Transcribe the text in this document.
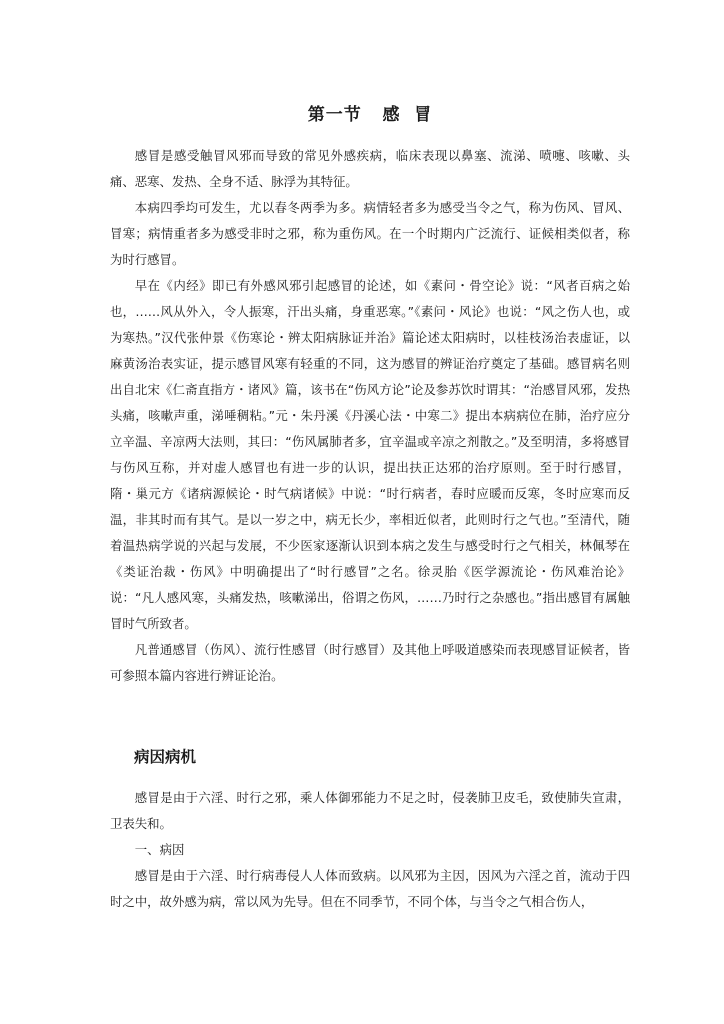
第一节   感  冒

感冒是感受触冒风邪而导致的常见外感疾病，临床表现以鼻塞、流涕、喷嚏、咳嗽、头痛、恶寒、发热、全身不适、脉浮为其特征。

本病四季均可发生，尤以春冬两季为多。病情轻者多为感受当令之气，称为伤风、冒风、冒寒；病情重者多为感受非时之邪，称为重伤风。在一个时期内广泛流行、证候相类似者，称为时行感冒。

早在《内经》即已有外感风邪引起感冒的论述，如《素问・骨空论》说：“风者百病之始也，……风从外入，令人振寒，汗出头痛，身重恶寒。”《素问・风论》也说：“风之伤人也，或为寒热。”汉代张仲景《伤寒论・辨太阳病脉证并治》篇论述太阳病时，以桂枝汤治表虚证，以麻黄汤治表实证，提示感冒风寒有轻重的不同，这为感冒的辨证治疗奠定了基础。感冒病名则出自北宋《仁斋直指方・诸风》篇，该书在“伤风方论”论及参苏饮时谓其：“治感冒风邪，发热头痛，咳嗽声重，涕唾稠粘。”元・朱丹溪《丹溪心法・中寒二》提出本病病位在肺，治疗应分立辛温、辛凉两大法则，其曰：“伤风属肺者多，宜辛温或辛凉之剂散之。”及至明清，多将感冒与伤风互称，并对虚人感冒也有进一步的认识，提出扶正达邪的治疗原则。至于时行感冒，隋・巢元方《诸病源候论・时气病诸候》中说：“时行病者，春时应暖而反寒，冬时应寒而反温，非其时而有其气。是以一岁之中，病无长少，率相近似者，此则时行之气也。”至清代，随着温热病学说的兴起与发展，不少医家逐渐认识到本病之发生与感受时行之气相关，林佩琴在《类证治裁・伤风》中明确提出了“时行感冒”之名。徐灵胎《医学源流论・伤风难治论》说：“凡人感风寒，头痛发热，咳嗽涕出，俗谓之伤风，……乃时行之杂感也。”指出感冒有属触冒时气所致者。

凡普通感冒（伤风）、流行性感冒（时行感冒）及其他上呼吸道感染而表现感冒证候者，皆可参照本篇内容进行辨证论治。

病因病机

感冒是由于六淫、时行之邪，乘人体御邪能力不足之时，侵袭肺卫皮毛，致使肺失宣肃，卫表失和。

一、病因

感冒是由于六淫、时行病毒侵人人体而致病。以风邪为主因，因风为六淫之首，流动于四时之中，故外感为病，常以风为先导。但在不同季节，不同个体，与当令之气相合伤人，
